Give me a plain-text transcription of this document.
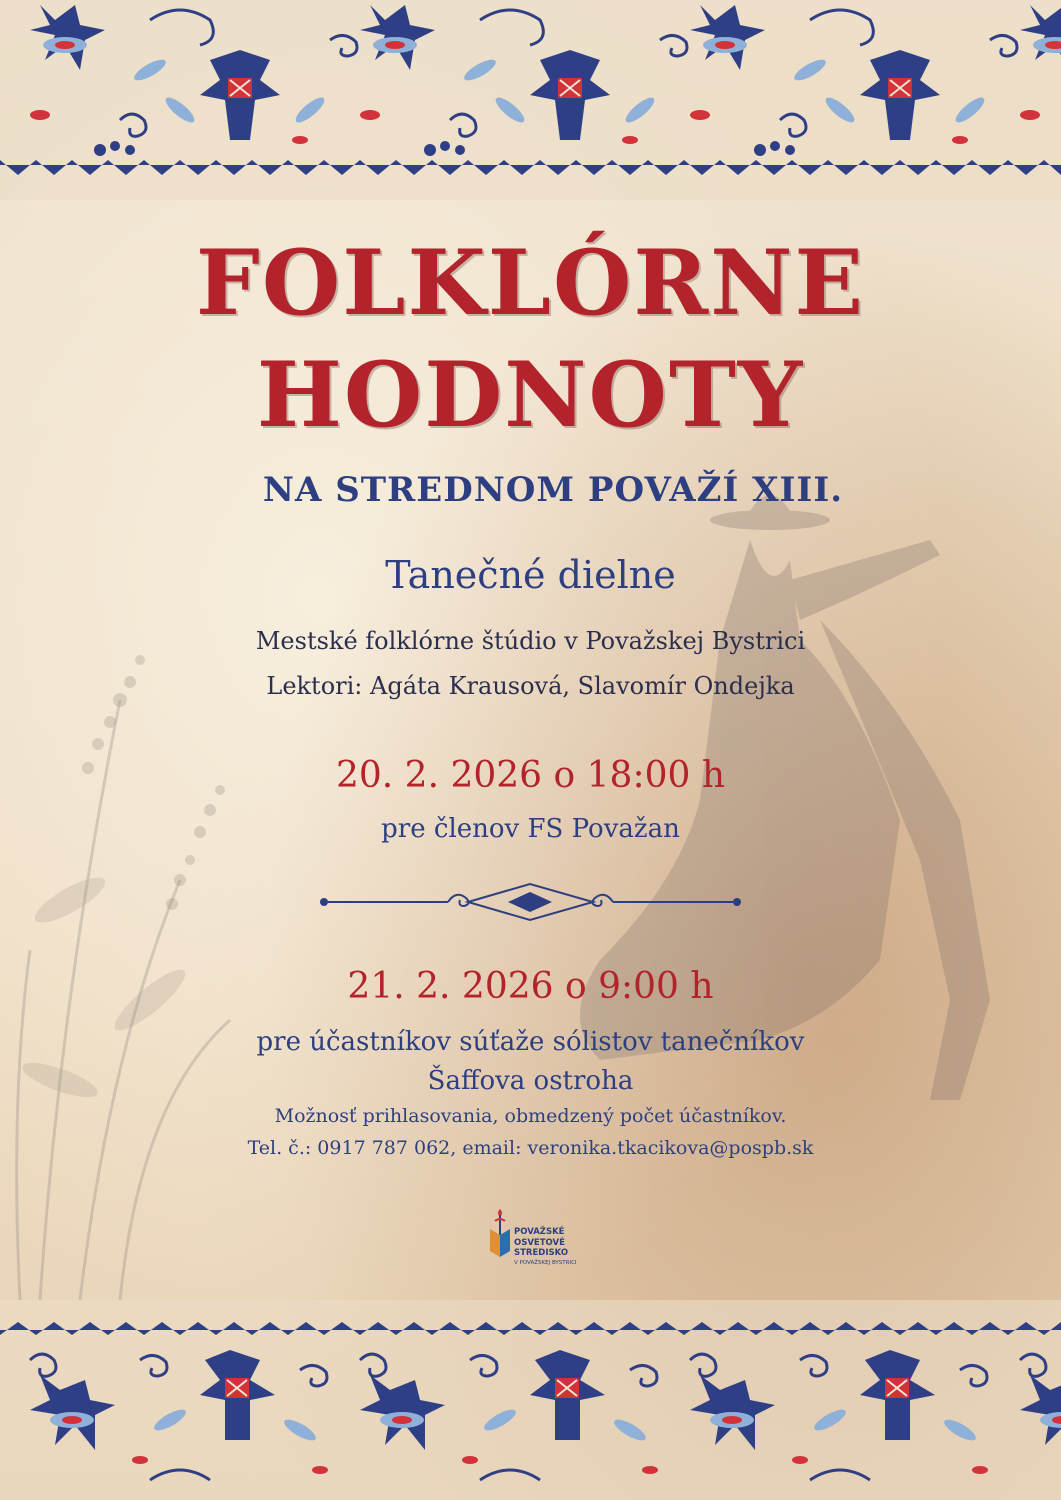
FOLKLÓRNE
HODNOTY
NA STREDNOM POVAŽÍ XIII.
Tanečné dielne
Mestské folklórne štúdio v Považskej Bystrici
Lektori: Agáta Krausová, Slavomír Ondejka
20. 2. 2026 o 18:00 h
pre členov FS Považan
21. 2. 2026 o 9:00 h
pre účastníkov súťaže sólistov tanečníkov
Šaffova ostroha
Možnosť prihlasovania, obmedzený počet účastníkov.
Tel. č.: 0917 787 062, email: veronika.tkacikova@pospb.sk
POVAŽSKÉ
OSVETOVÉ
STREDISKO
V POVAŽSKEJ BYSTRICI
